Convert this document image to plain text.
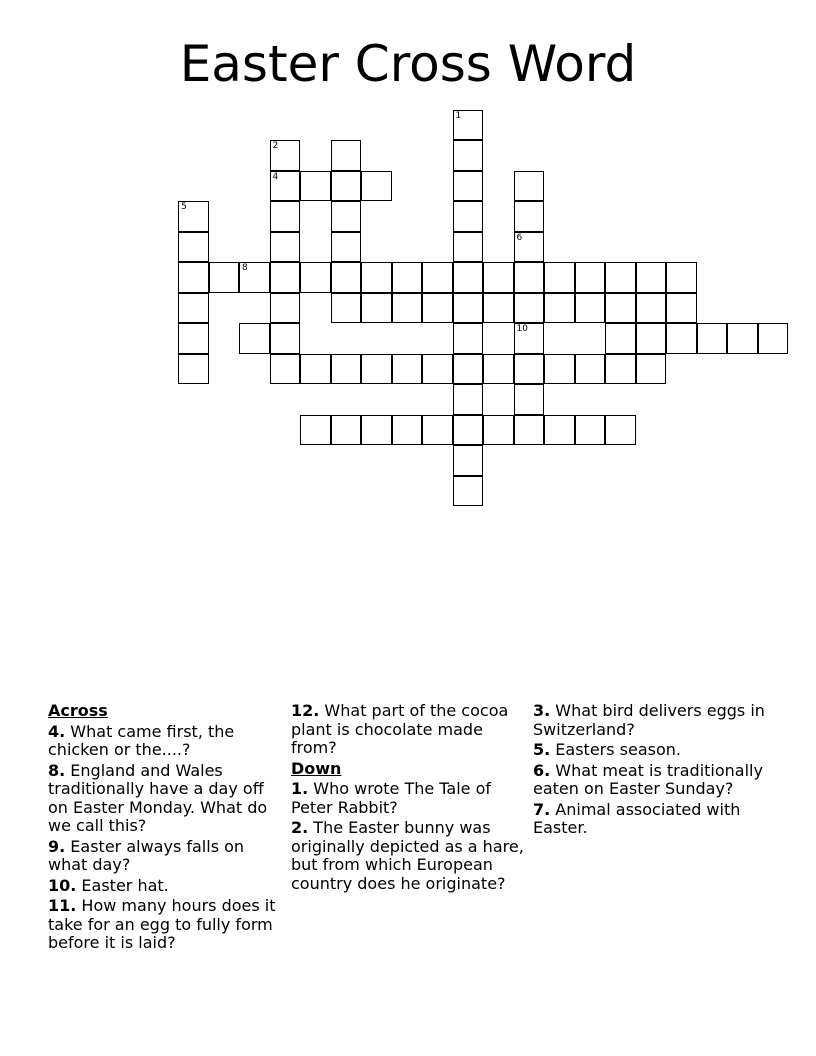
Easter Cross Word
1
2
4
5
6
10
8

Across

4. What came first, the chicken or the....?

8. England and Wales traditionally have a day off on Easter Monday. What do we call this?

9. Easter always falls on what day?

10. Easter hat.

11. How many hours does it take for an egg to fully form before it is laid?

12. What part of the cocoa plant is chocolate made from?

Down

1. Who wrote The Tale of Peter Rabbit?

2. The Easter bunny was originally depicted as a hare, but from which European country does he originate?

3. What bird delivers eggs in Switzerland?

5. Easters season.

6. What meat is traditionally eaten on Easter Sunday?

7. Animal associated with Easter.
